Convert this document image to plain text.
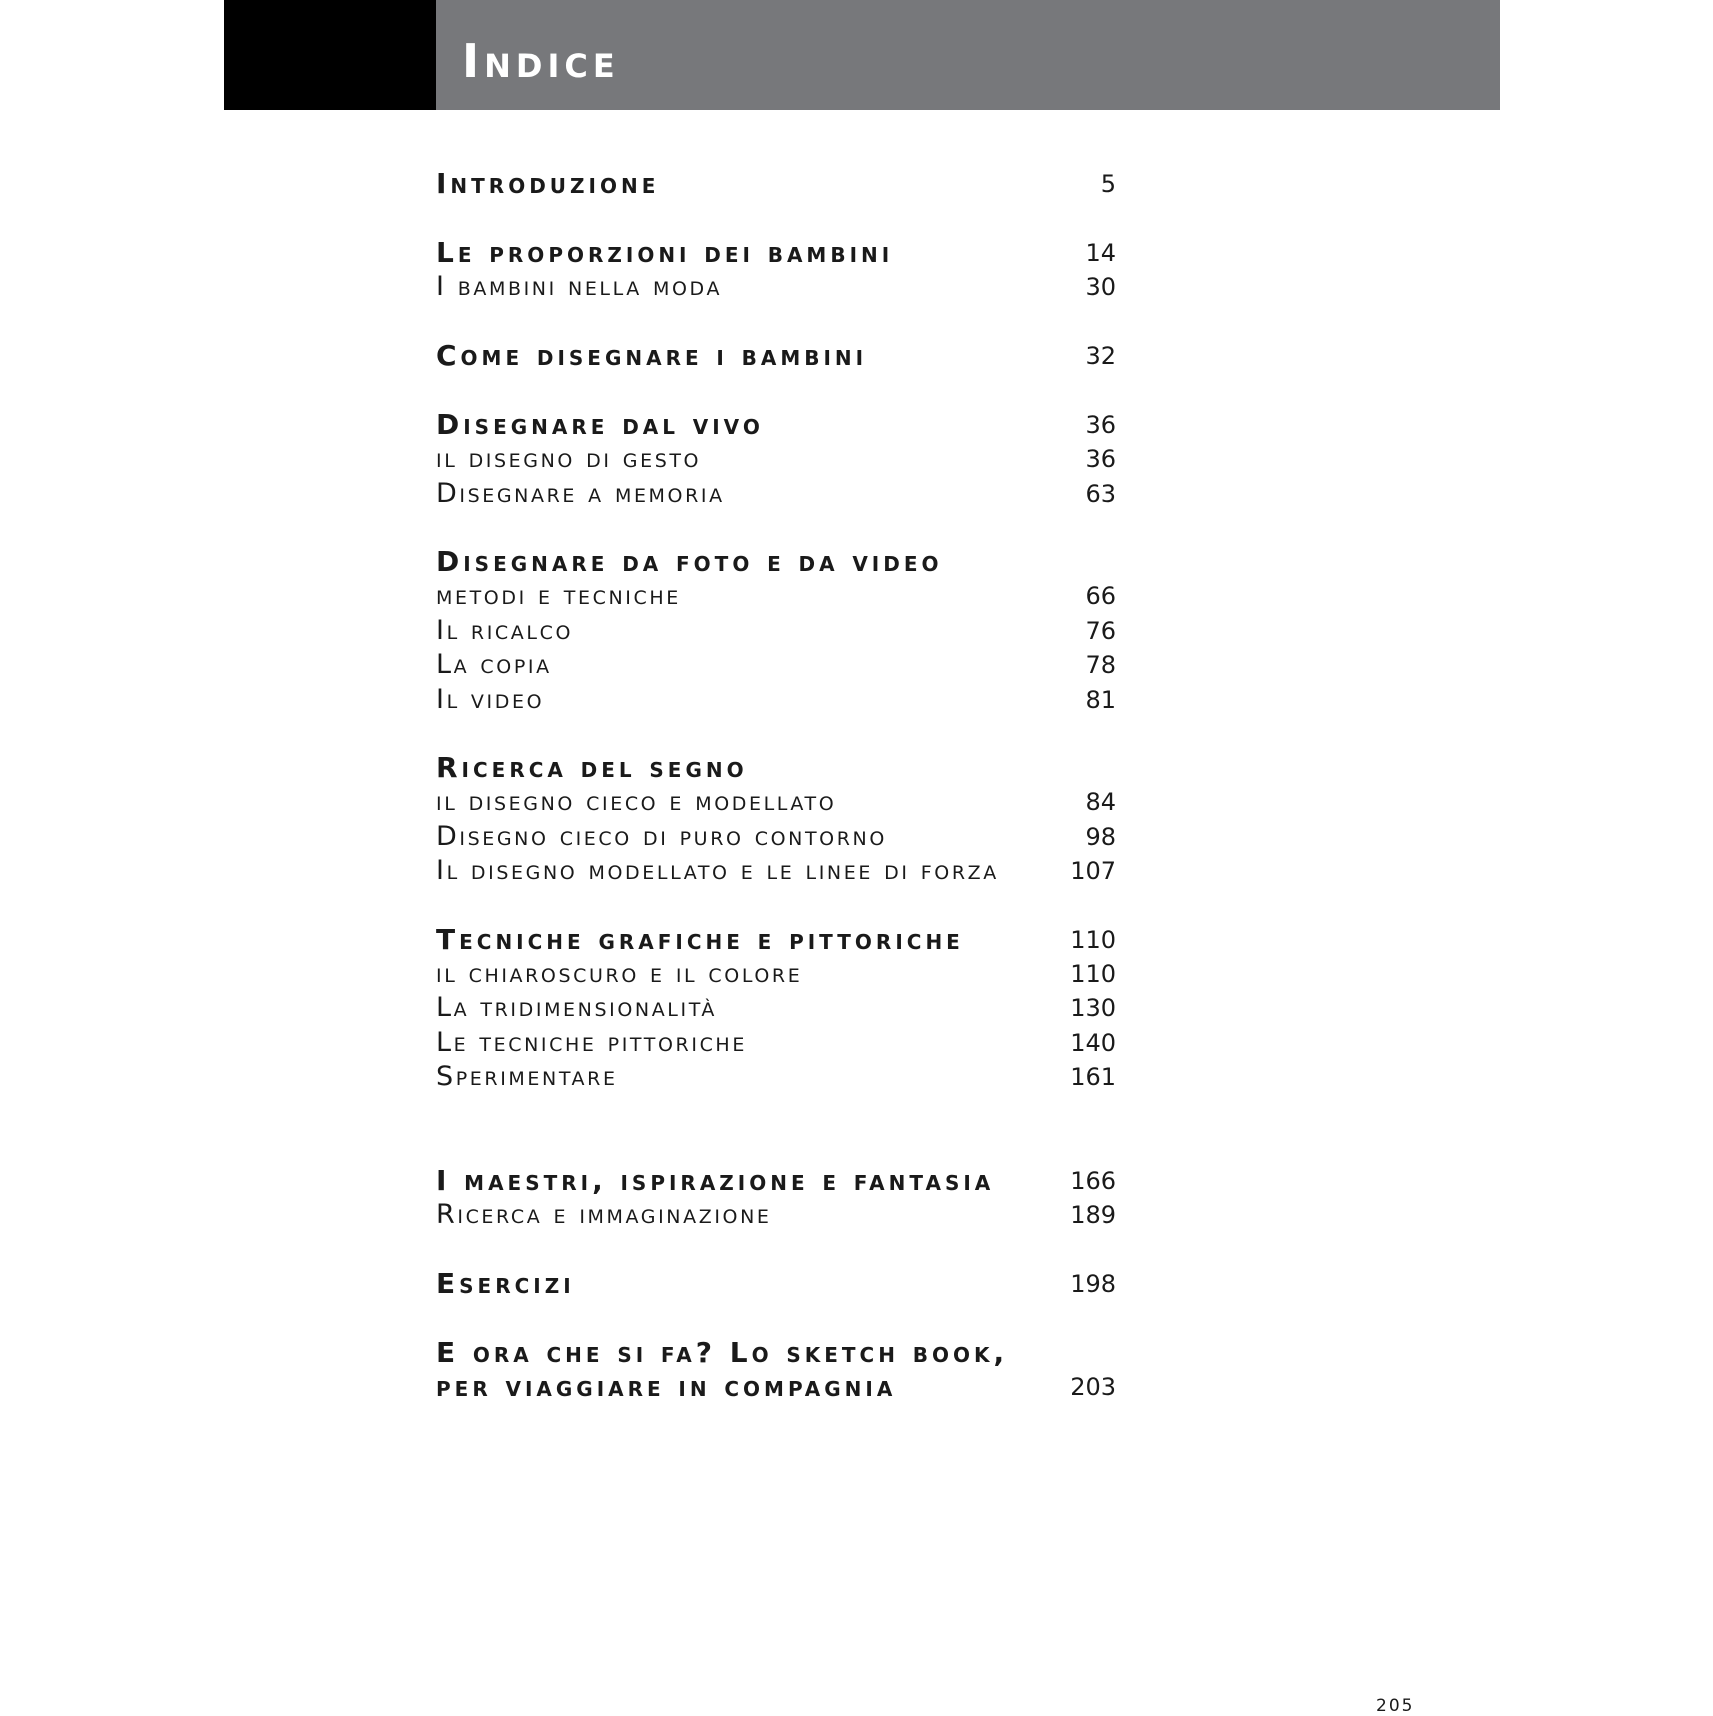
Indice
Introduzione	5
Le proporzioni dei bambini	14
I bambini nella moda	30
Come disegnare i bambini	32
Disegnare dal vivo	36
il disegno di gesto	36
Disegnare a memoria	63
Disegnare da foto e da video
metodi e tecniche	66
Il ricalco	76
La copia	78
Il video	81
Ricerca del segno
il disegno cieco e modellato	84
Disegno cieco di puro contorno	98
Il disegno modellato e le linee di forza	107
Tecniche grafiche e pittoriche	110
il chiaroscuro e il colore	110
La tridimensionalità	130
Le tecniche pittoriche	140
Sperimentare	161
I maestri, ispirazione e fantasia	166
Ricerca e immaginazione	189
Esercizi	198
E ora che si fa? Lo sketch book,
per viaggiare in compagnia	203
205
